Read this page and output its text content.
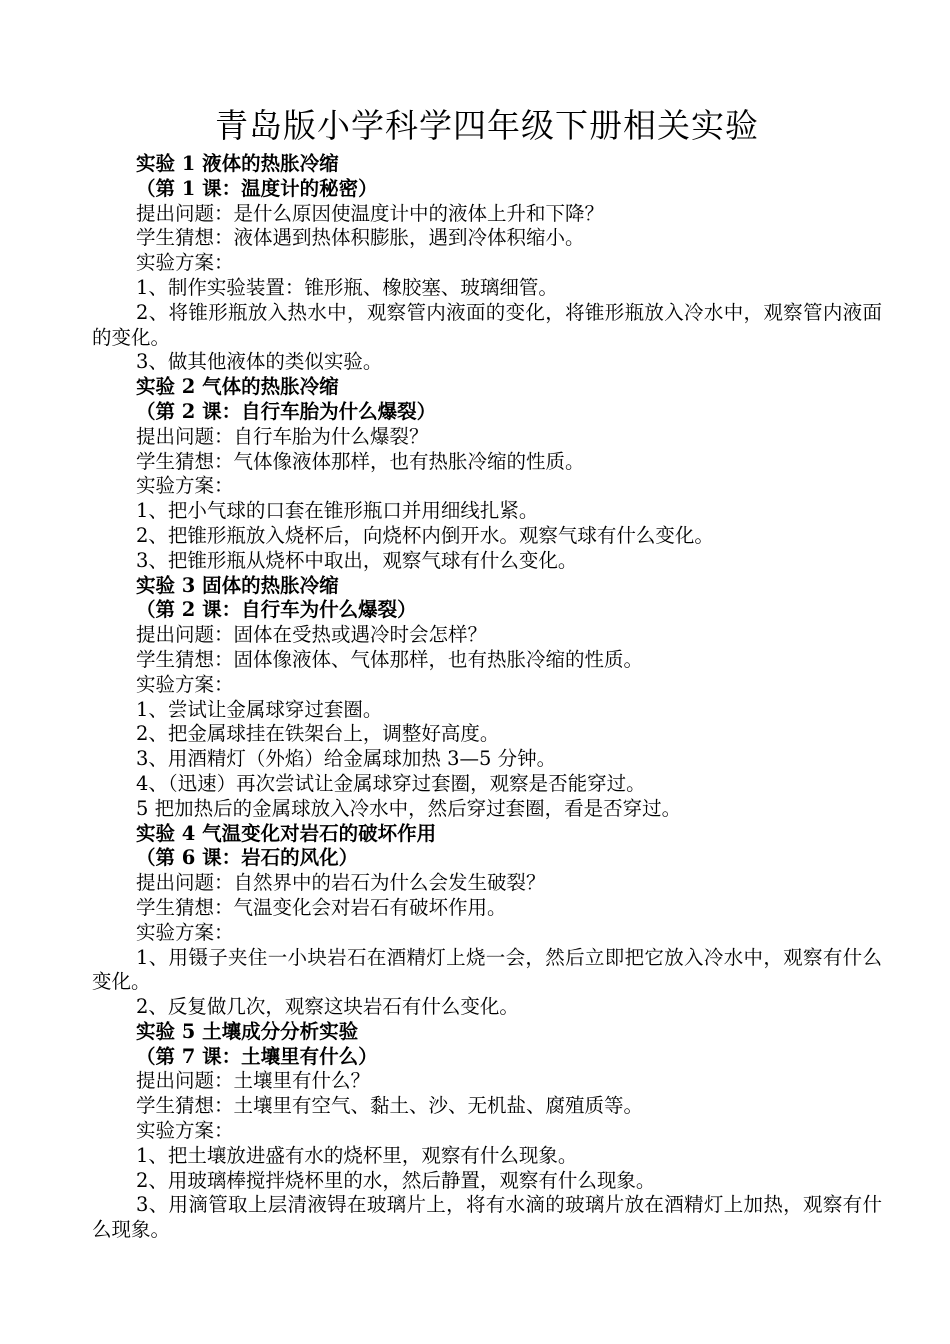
青岛版小学科学四年级下册相关实验
实验 1 液体的热胀冷缩
（第 1 课：温度计的秘密）
提出问题：是什么原因使温度计中的液体上升和下降？
学生猜想：液体遇到热体积膨胀，遇到冷体积缩小。
实验方案：
1、制作实验装置：锥形瓶、橡胶塞、玻璃细管。
2、将锥形瓶放入热水中，观察管内液面的变化，将锥形瓶放入冷水中，观察管内液面的变化。
3、做其他液体的类似实验。
实验 2 气体的热胀冷缩
（第 2 课：自行车胎为什么爆裂）
提出问题：自行车胎为什么爆裂？
学生猜想：气体像液体那样，也有热胀冷缩的性质。
实验方案：
1、把小气球的口套在锥形瓶口并用细线扎紧。
2、把锥形瓶放入烧杯后，向烧杯内倒开水。观察气球有什么变化。
3、把锥形瓶从烧杯中取出，观察气球有什么变化。
实验 3 固体的热胀冷缩
（第 2 课：自行车为什么爆裂）
提出问题：固体在受热或遇冷时会怎样？
学生猜想：固体像液体、气体那样，也有热胀冷缩的性质。
实验方案：
1、尝试让金属球穿过套圈。
2、把金属球挂在铁架台上，调整好高度。
3、用酒精灯（外焰）给金属球加热 3—5 分钟。
4、（迅速）再次尝试让金属球穿过套圈，观察是否能穿过。
5 把加热后的金属球放入冷水中，然后穿过套圈，看是否穿过。
实验 4 气温变化对岩石的破坏作用
（第 6 课：岩石的风化）
提出问题：自然界中的岩石为什么会发生破裂？
学生猜想：气温变化会对岩石有破坏作用。
实验方案：
1、用镊子夹住一小块岩石在酒精灯上烧一会，然后立即把它放入冷水中，观察有什么变化。
2、反复做几次，观察这块岩石有什么变化。
实验 5 土壤成分分析实验
（第 7 课：土壤里有什么）
提出问题：土壤里有什么？
学生猜想：土壤里有空气、黏土、沙、无机盐、腐殖质等。
实验方案：
1、把土壤放进盛有水的烧杯里，观察有什么现象。
2、用玻璃棒搅拌烧杯里的水，然后静置，观察有什么现象。
3、用滴管取上层清液锝在玻璃片上，将有水滴的玻璃片放在酒精灯上加热，观察有什么现象。
